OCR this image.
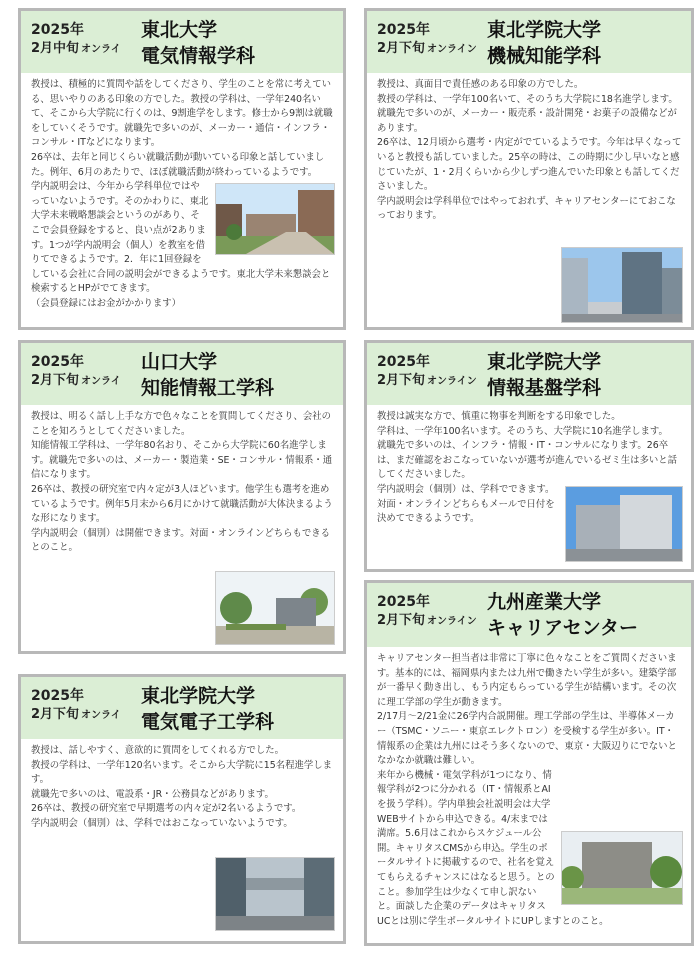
2025年
2月中旬 オンライ
東北大学
電気情報学科

教授は、積極的に質問や話をしてくださり、学生のことを常に考えている、思いやりのある印象の方でした。教授の学科は、一学年240名いて、そこから大学院に行くのは、9割進学をします。修士から9割は就職をしていくそうです。就職先で多いのが、メーカー・通信・インフラ・コンサル・ITなどになります。

26卒は、去年と同じくらい就職活動が動いている印象と話していました。例年、6月のあたりで、ほぼ就職活動が終わっているようです。

学内説明会は、今年から学科単位ではやっていないようです。そのかわりに、東北大学未来戦略懇談会というのがあり、そこで会員登録をすると、良い点が2あります。1つが学内説明会（個人）を教室を借りてできるようです。2．年に1回登録をしている会社に合同の説明会ができるようです。東北大学未来懇談会と検索するとHPがでてきます。

（会員登録にはお金がかかります）

2025年
2月下旬 オンライン
東北学院大学
機械知能学科

教授は、真面目で責任感のある印象の方でした。

教授の学科は、一学年100名いて、そのうち大学院に18名進学します。就職先で多いのが、メーカー・販売系・設計開発・お菓子の設備などがあります。

26卒は、12月頃から選考・内定がでているようです。今年は早くなっていると教授も話していました。25卒の時は、この時期に少し早いなと感じていたが、1・2月くらいから少しずつ進んでいた印象とも話してくださいました。

学内説明会は学科単位ではやっておれず、キャリアセンターにておこなっております。

2025年
2月下旬 オンライ
山口大学
知能情報工学科

教授は、明るく話し上手な方で色々なことを質問してくださり、会社のことを知ろうとしてくださいました。

知能情報工学科は、一学年80名おり、そこから大学院に60名進学します。就職先で多いのは、メーカー・製造業・SE・コンサル・情報系・通信になります。

26卒は、教授の研究室で内々定が3人ほどいます。他学生も選考を進めているようです。例年5月末から6月にかけて就職活動が大体決まるような形になります。

学内説明会（個別）は開催できます。対面・オンラインどちらもできるとのこと。

2025年
2月下旬 オンライン
東北学院大学
情報基盤学科

教授は誠実な方で、慎重に物事を判断をする印象でした。

学科は、一学年100名います。そのうち、大学院に10名進学します。

就職先で多いのは、インフラ・情報・IT・コンサルになります。26卒は、まだ確認をおこなっていないが選考が進んでいるゼミ生は多いと話してくださいました。

学内説明会（個別）は、学科でできます。対面・オンラインどちらもメールで日付を決めてできるようです。

2025年
2月下旬 オンライ
東北学院大学
電気電子工学科

教授は、話しやすく、意欲的に質問をしてくれる方でした。

教授の学科は、一学年120名います。そこから大学院に15名程進学します。

就職先で多いのは、電設系・JR・公務員などがあります。

26卒は、教授の研究室で早期選考の内々定が2名いるようです。

学内説明会（個別）は、学科ではおこなっていないようです。

2025年
2月下旬 オンライン
九州産業大学
キャリアセンター

キャリアセンター担当者は非常に丁寧に色々なことをご質問くださいます。基本的には、福岡県内または九州で働きたい学生が多い。建築学部が一番早く動き出し、もう内定もらっている学生が結構います。その次に理工学部の学生が動きます。

2/17月～2/21金に26学内合説開催。理工学部の学生は、半導体メーカー（TSMC・ソニー・東京エレクトロン）を受検する学生が多い。IT・情報系の企業は九州にはそう多くないので、東京・大阪辺りにでないとなかなか就職は難しい。

来年から機械・電気学科が1つになり、情報学科が2つに分かれる（IT・情報系とAIを扱う学科）。学内単独会社説明会は大学WEBサイトから申込できる。4/末までは満席。5.6月はこれからスケジュール公開。キャリタスCMSから申込。学生のポータルサイトに掲載するので、社名を覚えてもらえるチャンスにはなると思う。とのこと。参加学生は少なくて申し訳ないと。面談した企業のデータはキャリタスUCとは別に学生ポータルサイトにUPしますとのこと。
